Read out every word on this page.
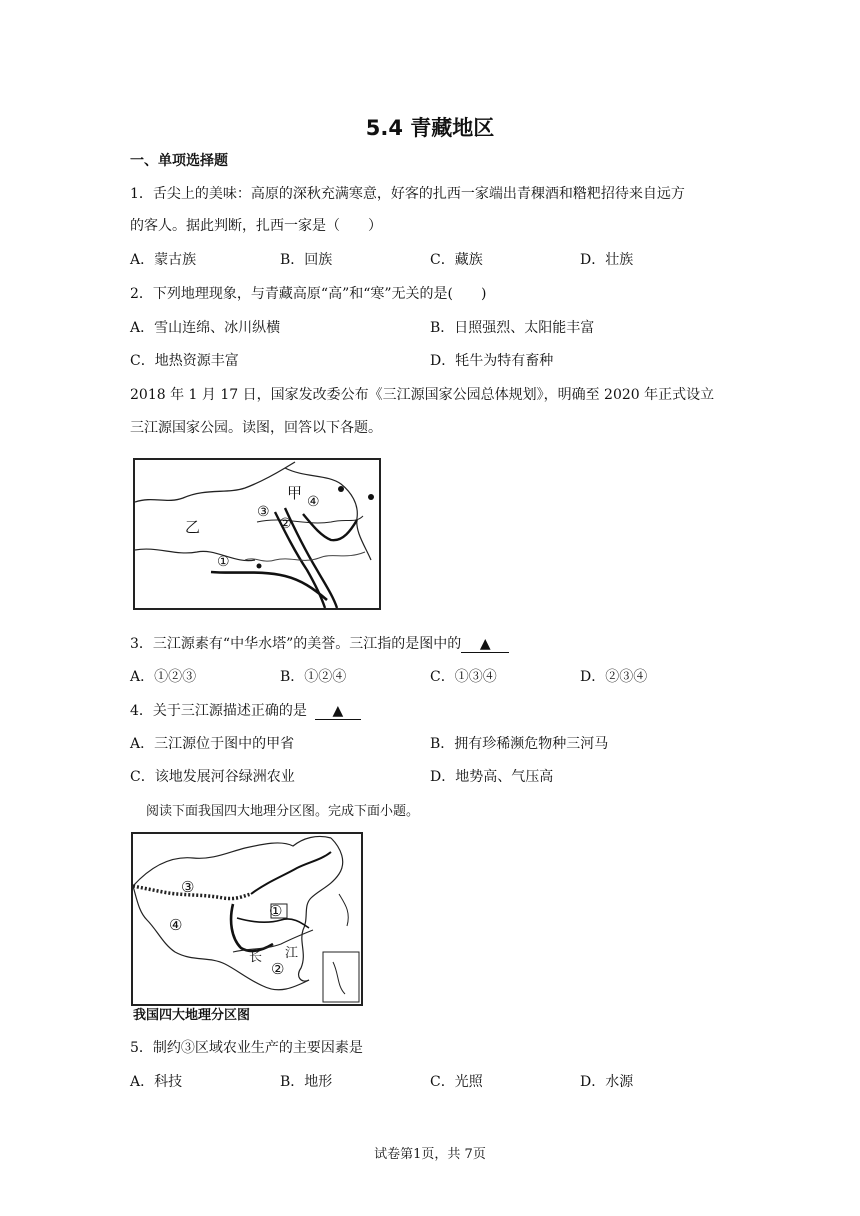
5.4 青藏地区
一、单项选择题
1．舌尖上的美味：高原的深秋充满寒意，好客的扎西一家端出青稞酒和糌粑招待来自远方
的客人。据此判断，扎西一家是（　　）
A．蒙古族	B．回族	C．藏族	D．壮族
2．下列地理现象，与青藏高原“高”和“寒”无关的是(　　)
A．雪山连绵、冰川纵横	B．日照强烈、太阳能丰富
C．地热资源丰富	D．牦牛为特有畜种
2018 年 1 月 17 日，国家发改委公布《三江源国家公园总体规划》，明确至 2020 年正式设立
三江源国家公园。读图，回答以下各题。
甲
乙
①
②
③
④
3．三江源素有“中华水塔”的美誉。三江指的是图中的 ▲
A．①②③	B．①②④	C．①③④	D．②③④
4．关于三江源描述正确的是 ▲
A．三江源位于图中的甲省	B．拥有珍稀濒危物种三河马
C．该地发展河谷绿洲农业	D．地势高、气压高
阅读下面我国四大地理分区图。完成下面小题。
③
④
①
②
长 江
我国四大地理分区图
5．制约③区域农业生产的主要因素是
A．科技	B．地形	C．光照	D．水源
试卷第1页，共 7页
